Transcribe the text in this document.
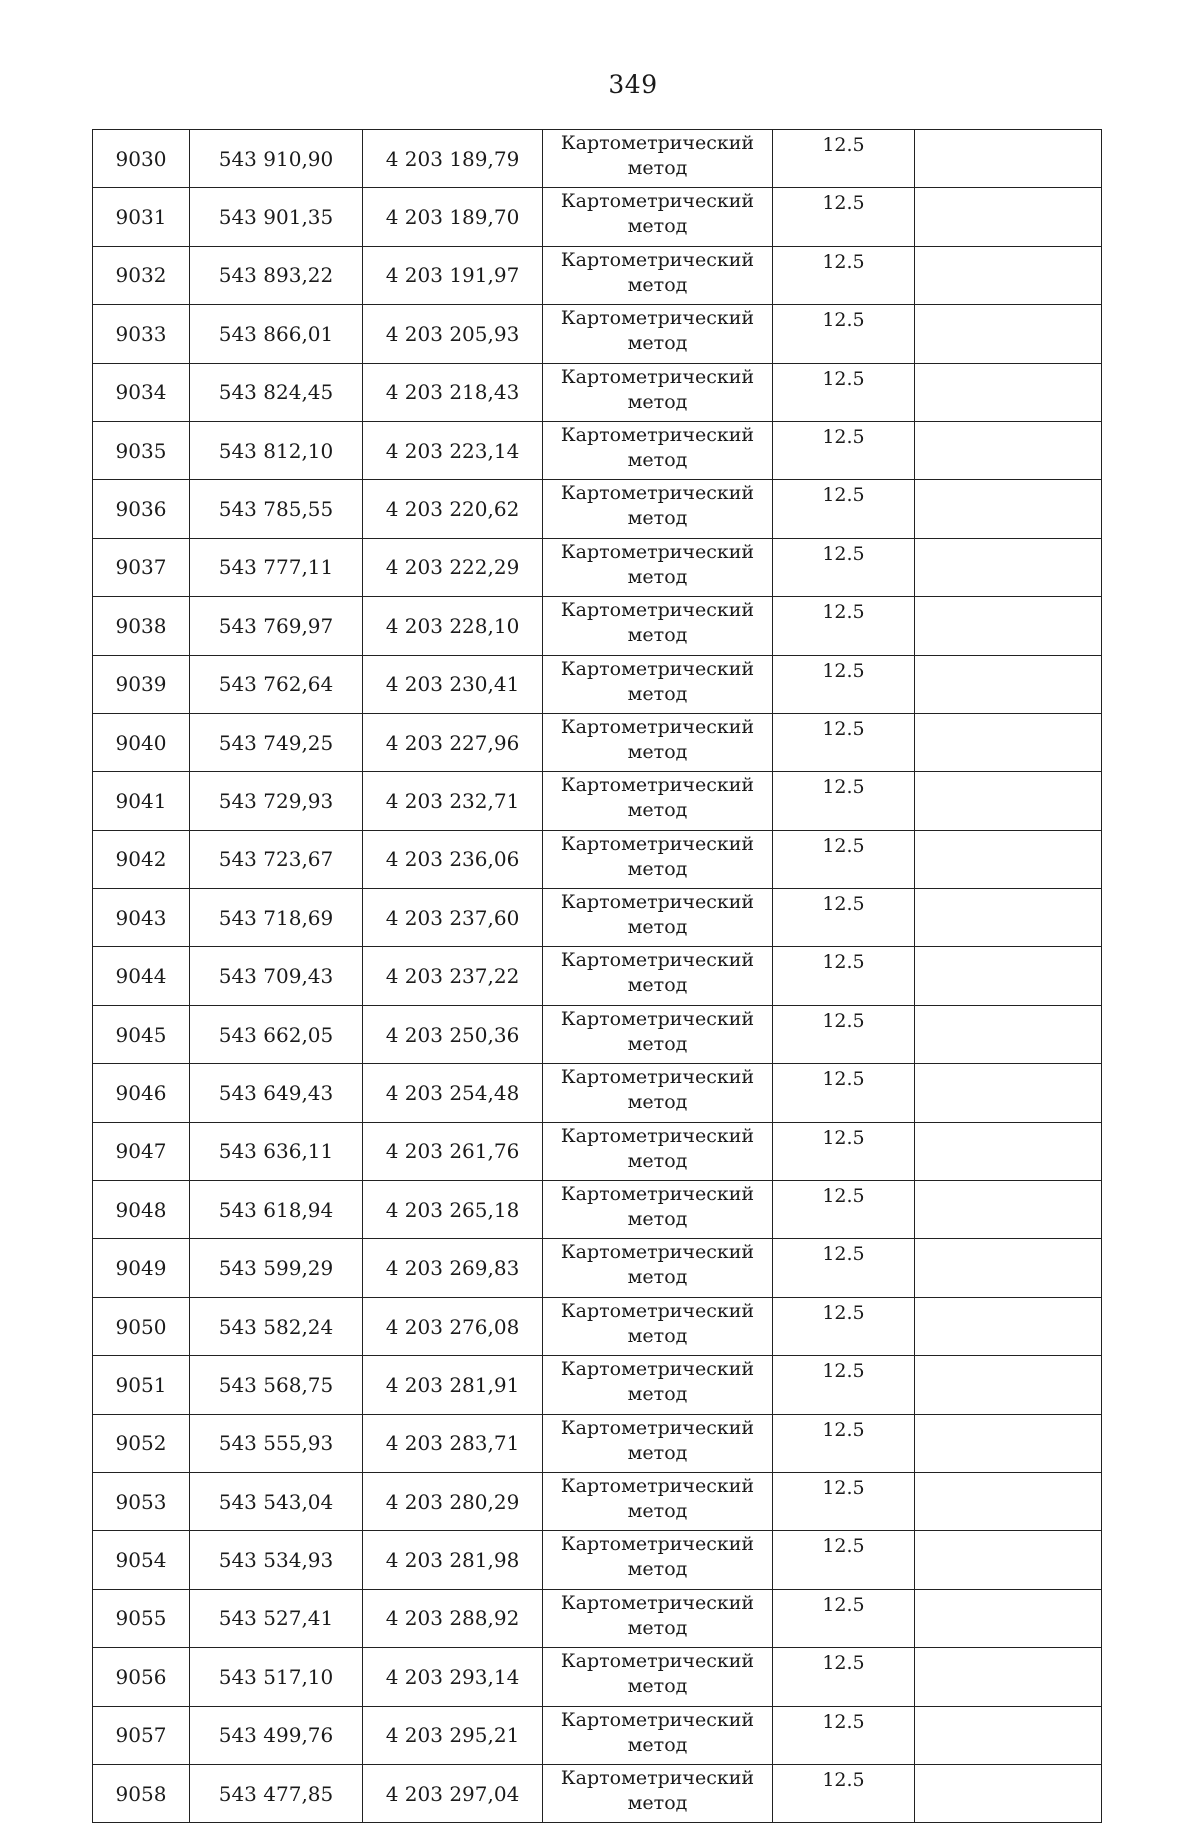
349
9030	543 910,90	4 203 189,79	Картометрический метод	12.5	
9031	543 901,35	4 203 189,70	Картометрический метод	12.5	
9032	543 893,22	4 203 191,97	Картометрический метод	12.5	
9033	543 866,01	4 203 205,93	Картометрический метод	12.5	
9034	543 824,45	4 203 218,43	Картометрический метод	12.5	
9035	543 812,10	4 203 223,14	Картометрический метод	12.5	
9036	543 785,55	4 203 220,62	Картометрический метод	12.5	
9037	543 777,11	4 203 222,29	Картометрический метод	12.5	
9038	543 769,97	4 203 228,10	Картометрический метод	12.5	
9039	543 762,64	4 203 230,41	Картометрический метод	12.5	
9040	543 749,25	4 203 227,96	Картометрический метод	12.5	
9041	543 729,93	4 203 232,71	Картометрический метод	12.5	
9042	543 723,67	4 203 236,06	Картометрический метод	12.5	
9043	543 718,69	4 203 237,60	Картометрический метод	12.5	
9044	543 709,43	4 203 237,22	Картометрический метод	12.5	
9045	543 662,05	4 203 250,36	Картометрический метод	12.5	
9046	543 649,43	4 203 254,48	Картометрический метод	12.5	
9047	543 636,11	4 203 261,76	Картометрический метод	12.5	
9048	543 618,94	4 203 265,18	Картометрический метод	12.5	
9049	543 599,29	4 203 269,83	Картометрический метод	12.5	
9050	543 582,24	4 203 276,08	Картометрический метод	12.5	
9051	543 568,75	4 203 281,91	Картометрический метод	12.5	
9052	543 555,93	4 203 283,71	Картометрический метод	12.5	
9053	543 543,04	4 203 280,29	Картометрический метод	12.5	
9054	543 534,93	4 203 281,98	Картометрический метод	12.5	
9055	543 527,41	4 203 288,92	Картометрический метод	12.5	
9056	543 517,10	4 203 293,14	Картометрический метод	12.5	
9057	543 499,76	4 203 295,21	Картометрический метод	12.5	
9058	543 477,85	4 203 297,04	Картометрический метод	12.5	
